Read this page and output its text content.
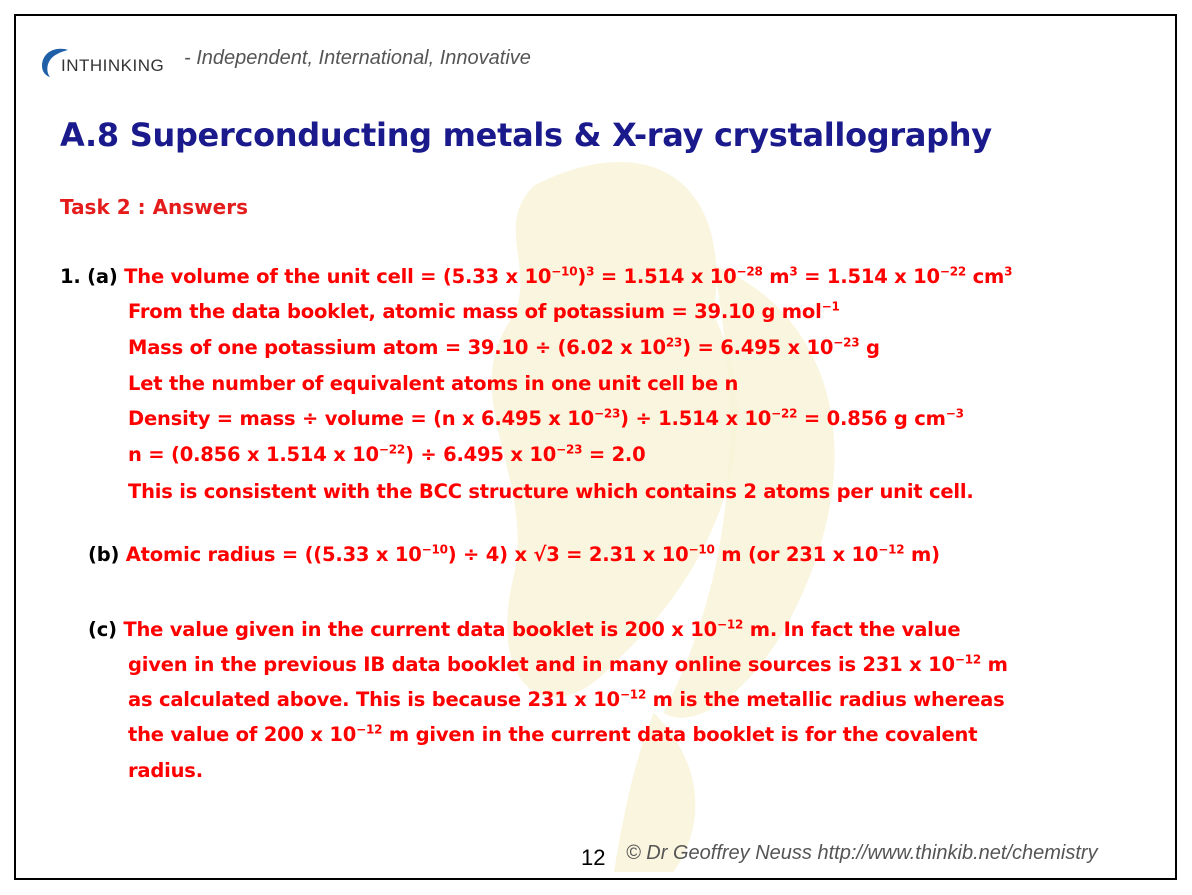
INTHINKING - Independent, International, Innovative
A.8 Superconducting metals & X-ray crystallography
Task 2 : Answers
1. (a) The volume of the unit cell = (5.33 x $10^{-10})^3 = 1.514$ x $10^{-28}$ $m^3 = 1.514$ x $10^{-22}$ $cm^3$
From the data booklet, atomic mass of potassium = 39.10 g mol$^{-1}$
Mass of one potassium atom = 39.10 ÷ (6.02 x $10^{23}) = 6.495$ x $10^{-23}$ g
Let the number of equivalent atoms in one unit cell be n
Density = mass ÷ volume = (n x 6.495 x $10^{-23}) \div 1.514$ x $10^{-22} = 0.856$ g $cm^{-3}$
n = (0.856 x 1.514 x $10^{-22}) \div 6.495$ x $10^{-23} = 2.0$
This is consistent with the BCC structure which contains 2 atoms per unit cell.
(b) Atomic radius = ((5.33 x $10^{-10}) \div 4$) x √3 = 2.31 x $10^{-10}$ m (or 231 x $10^{-12}$ m)
(c) The value given in the current data booklet is 200 x $10^{-12}$ m. In fact the value
given in the previous IB data booklet and in many online sources is 231 x $10^{-12}$ m
as calculated above. This is because 231 x $10^{-12}$ m is the metallic radius whereas
the value of 200 x $10^{-12}$ m given in the current data booklet is for the covalent
radius.
12 © Dr Geoffrey Neuss http://www.thinkib.net/chemistry
